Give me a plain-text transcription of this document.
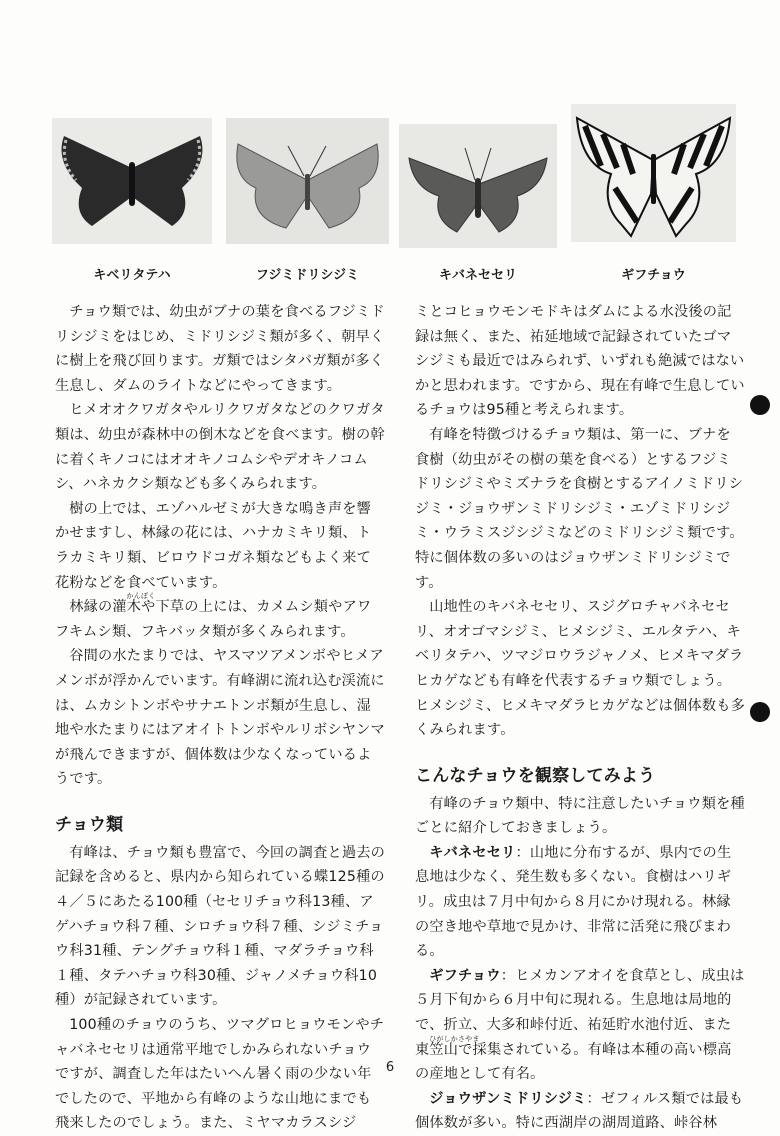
キベリタテハ	フジミドリシジミ	キバネセセリ	ギフチョウ

チョウ類では、幼虫がブナの葉を食べるフジミドリシジミをはじめ、ミドリシジミ類が多く、朝早くに樹上を飛び回ります。ガ類ではシタバガ類が多く生息し、ダムのライトなどにやってきます。

ヒメオオクワガタやルリクワガタなどのクワガタ類は、幼虫が森林中の倒木などを食べます。樹の幹に着くキノコにはオオキノコムシやデオキノコムシ、ハネカクシ類なども多くみられます。

樹の上では、エゾハルゼミが大きな鳴き声を響かせますし、林縁の花には、ハナカミキリ類、トラカミキリ類、ビロウドコガネ類などもよく来て花粉などを食べています。

林縁の
かんぼく
灌木や下草の上には、カメムシ類やアワフキムシ類、フキバッタ類が多くみられます。

谷間の水たまりでは、ヤスマツアメンボやヒメアメンボが浮かんでいます。有峰湖に流れ込む渓流には、ムカシトンボやサナエトンボ類が生息し、湿地や水たまりにはアオイトトンボやルリボシヤンマが飛んできますが、個体数は少なくなっているようです。

チョウ類

有峰は、チョウ類も豊富で、今回の調査と過去の記録を含めると、県内から知られている蝶125種の４／５にあたる100種（セセリチョウ科13種、アゲハチョウ科７種、シロチョウ科７種、シジミチョウ科31種、テングチョウ科１種、マダラチョウ科１種、タテハチョウ科30種、ジャノメチョウ科10種）が記録されています。

100種のチョウのうち、ツマグロヒョウモンやチャバネセセリは通常平地でしかみられないチョウですが、調査した年はたいへん暑く雨の少ない年でしたので、平地から有峰のような山地にまでも飛来したのでしょう。また、ミヤマカラスシジ

ミとコヒョウモンモドキはダムによる水没後の記録は無く、また、祐延地域で記録されていたゴマシジミも最近ではみられず、いずれも絶滅ではないかと思われます。ですから、現在有峰で生息しているチョウは95種と考えられます。

有峰を特徴づけるチョウ類は、第一に、ブナを食樹（幼虫がその樹の葉を食べる）とするフジミドリシジミやミズナラを食樹とするアイノミドリシジミ・ジョウザンミドリシジミ・エゾミドリシジミ・ウラミスジシジミなどのミドリシジミ類です。特に個体数の多いのはジョウザンミドリシジミです。

山地性のキバネセセリ、スジグロチャバネセセリ、オオゴマシジミ、ヒメシジミ、エルタテハ、キベリタテハ、ツマジロウラジャノメ、ヒメキマダラヒカゲなども有峰を代表するチョウ類でしょう。ヒメシジミ、ヒメキマダラヒカゲなどは個体数も多くみられます。

こんなチョウを観察してみよう

有峰のチョウ類中、特に注意したいチョウ類を種ごとに紹介しておきましょう。

キバネセセリ：山地に分布するが、県内での生息地は少なく、発生数も多くない。食樹はハリギリ。成虫は７月中旬から８月にかけ現れる。林縁の空き地や草地で見かけ、非常に活発に飛びまわる。

ギフチョウ：ヒメカンアオイを食草とし、成虫は５月下旬から６月中旬に現れる。生息地は局地的で、折立、大多和峠付近、祐延貯水池付近、また
ひがしかさやま
東笠山で採集されている。有峰は本種の高い標高の産地として有名。

ジョウザンミドリシジミ：ゼフィルス類では最も個体数が多い。特に西湖岸の湖周道路、峠谷林

6
